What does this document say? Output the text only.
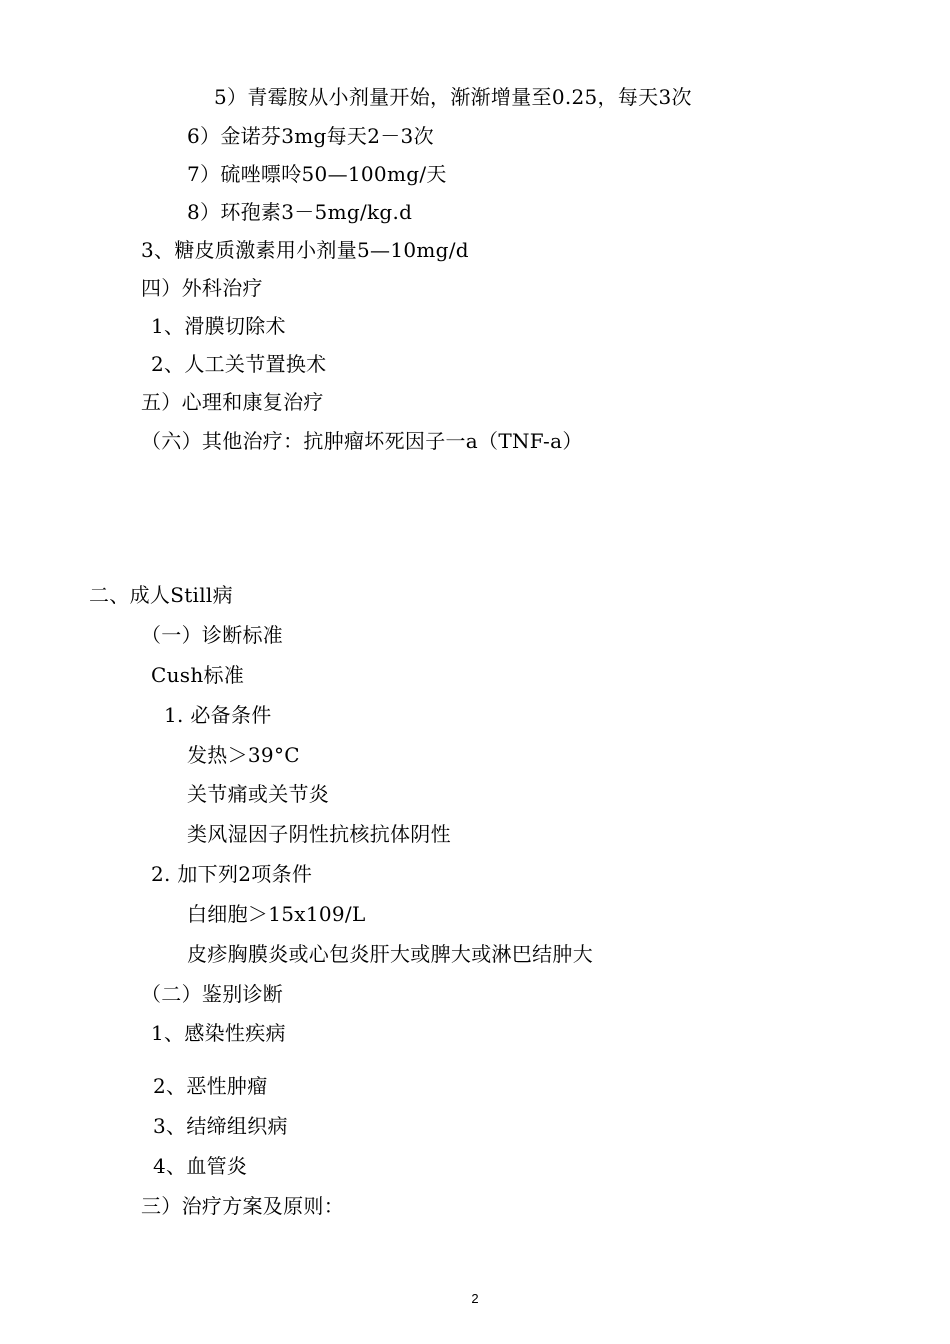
5）青霉胺从小剂量开始，渐渐增量至0.25，每天3次
6）金诺芬3mg每天2－3次
7）硫唑嘌呤50—100mg/天
8）环孢素3－5mg/kg.d
3、糖皮质激素用小剂量5—10mg/d
四）外科治疗
1、滑膜切除术
2、人工关节置换术
五）心理和康复治疗
（六）其他治疗：抗肿瘤坏死因子一a（TNF-a）
二、成人Still病
（一）诊断标准
Cush标准
1. 必备条件
发热＞39°C
关节痛或关节炎
类风湿因子阴性抗核抗体阴性
2. 加下列2项条件
白细胞＞15x109/L
皮疹胸膜炎或心包炎肝大或脾大或淋巴结肿大
（二）鉴别诊断
1、感染性疾病
2、恶性肿瘤
3、结缔组织病
4、血管炎
三）治疗方案及原则：
2
